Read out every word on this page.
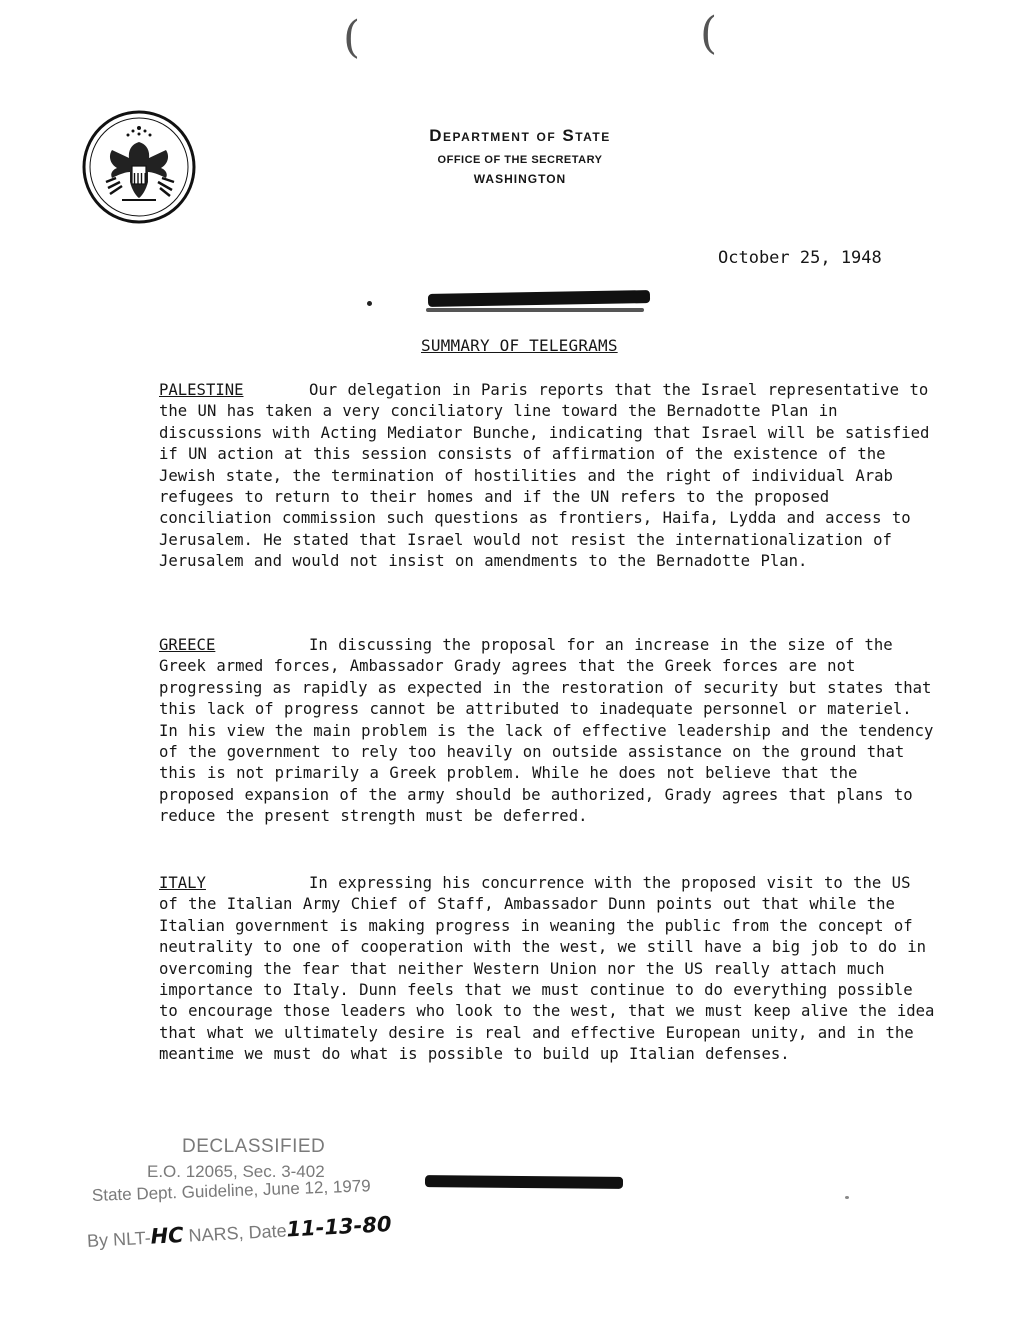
(	(
Department of State
OFFICE OF THE SECRETARY
WASHINGTON
October 25, 1948
SUMMARY OF TELEGRAMS
PALESTINE	Our delegation in Paris reports that the Israel representative to the UN has taken a very conciliatory line toward the Bernadotte Plan in discussions with Acting Mediator Bunche, indicating that Israel will be satisfied if UN action at this session consists of affirmation of the existence of the Jewish state, the termination of hostilities and the right of individual Arab refugees to return to their homes and if the UN refers to the proposed conciliation commission such questions as frontiers, Haifa, Lydda and access to Jerusalem. He stated that Israel would not resist the internationalization of Jerusalem and would not insist on amendments to the Bernadotte Plan.

GREECE	In discussing the proposal for an increase in the size of the Greek armed forces, Ambassador Grady agrees that the Greek forces are not progressing as rapidly as expected in the restoration of security but states that this lack of progress cannot be attributed to inadequate personnel or materiel. In his view the main problem is the lack of effective leadership and the tendency of the government to rely too heavily on outside assistance on the ground that this is not primarily a Greek problem. While he does not believe that the proposed expansion of the army should be authorized, Grady agrees that plans to reduce the present strength must be deferred.

ITALY	In expressing his concurrence with the proposed visit to the US of the Italian Army Chief of Staff, Ambassador Dunn points out that while the Italian government is making progress in weaning the public from the concept of neutrality to one of cooperation with the west, we still have a big job to do in overcoming the fear that neither Western Union nor the US really attach much importance to Italy. Dunn feels that we must continue to do everything possible to encourage those leaders who look to the west, that we must keep alive the idea that what we ultimately desire is real and effective European unity, and in the meantime we must do what is possible to build up Italian defenses.

DECLASSIFIED
E.O. 12065, Sec. 3-402
State Dept. Guideline, June 12, 1979
By NLT-HC NARS, Date11-13-80
